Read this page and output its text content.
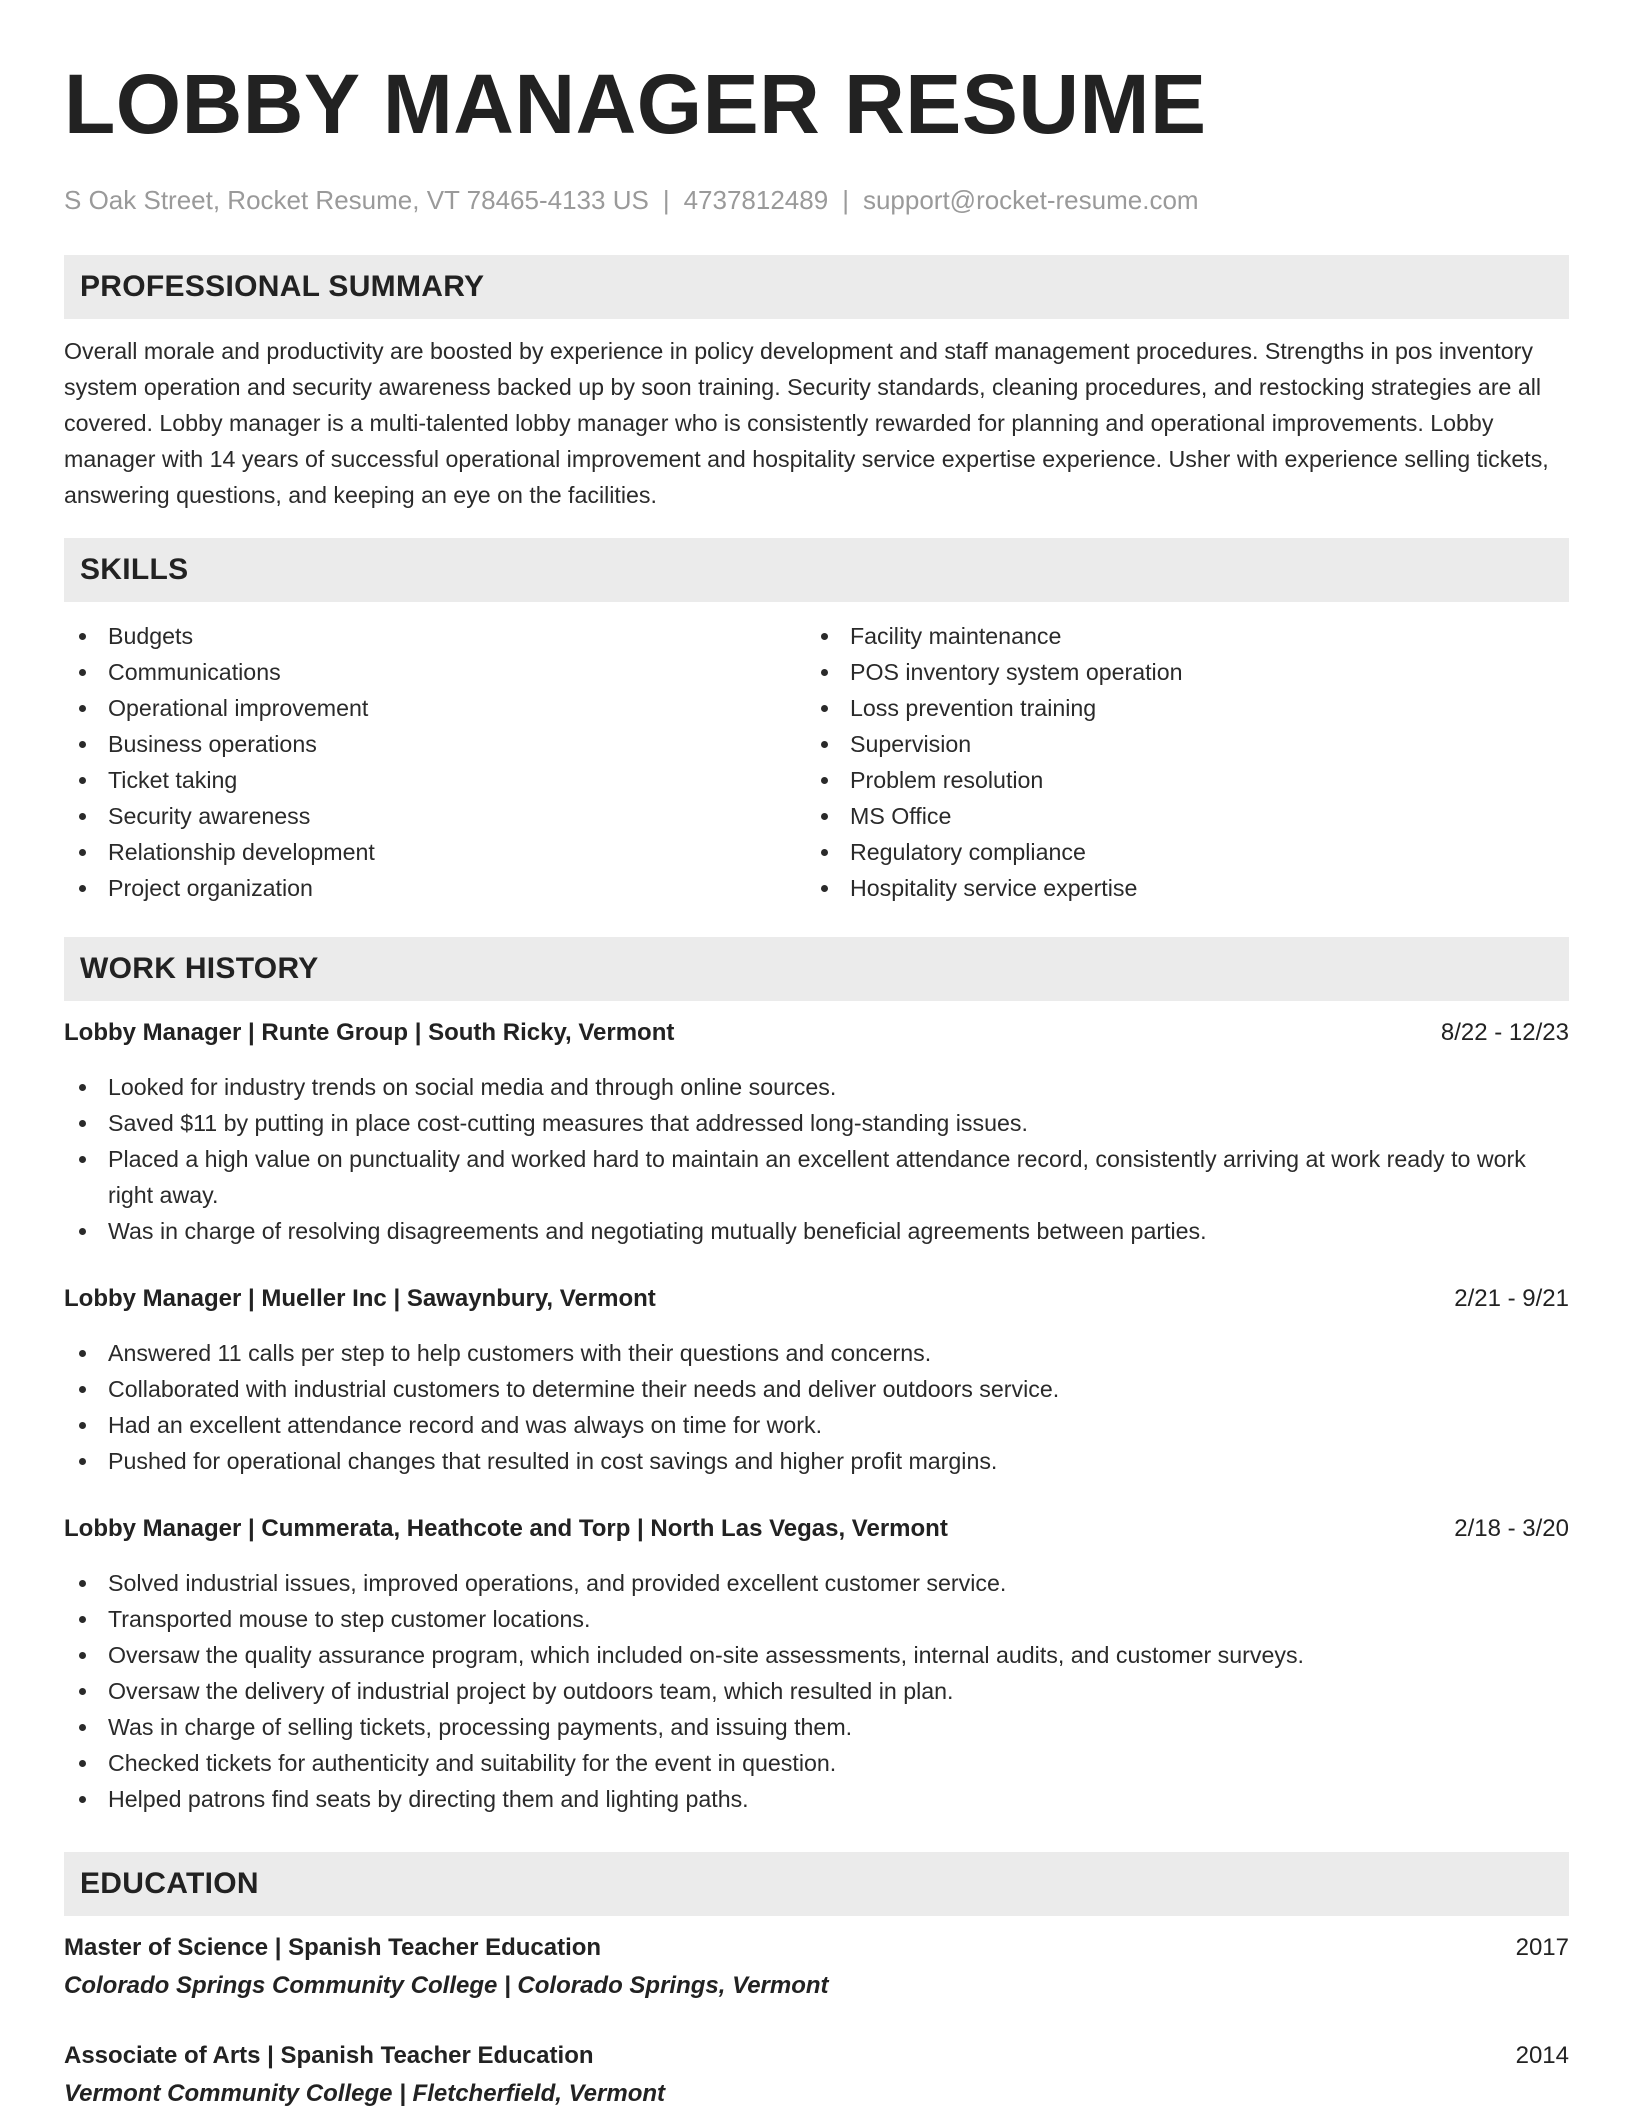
LOBBY MANAGER RESUME
S Oak Street, Rocket Resume, VT 78465-4133 US | 4737812489 | support@rocket-resume.com
PROFESSIONAL SUMMARY

Overall morale and productivity are boosted by experience in policy development and staff management procedures. Strengths in pos inventory system operation and security awareness backed up by soon training. Security standards, cleaning procedures, and restocking strategies are all covered. Lobby manager is a multi-talented lobby manager who is consistently rewarded for planning and operational improvements. Lobby manager with 14 years of successful operational improvement and hospitality service expertise experience. Usher with experience selling tickets, answering questions, and keeping an eye on the facilities.

SKILLS
Budgets
Communications
Operational improvement
Business operations
Ticket taking
Security awareness
Relationship development
Project organization
Facility maintenance
POS inventory system operation
Loss prevention training
Supervision
Problem resolution
MS Office
Regulatory compliance
Hospitality service expertise
WORK HISTORY
Lobby Manager | Runte Group | South Ricky, Vermont	8/22 - 12/23
Looked for industry trends on social media and through online sources.
Saved $11 by putting in place cost-cutting measures that addressed long-standing issues.
Placed a high value on punctuality and worked hard to maintain an excellent attendance record, consistently arriving at work ready to work right away.
Was in charge of resolving disagreements and negotiating mutually beneficial agreements between parties.
Lobby Manager | Mueller Inc | Sawaynbury, Vermont	2/21 - 9/21
Answered 11 calls per step to help customers with their questions and concerns.
Collaborated with industrial customers to determine their needs and deliver outdoors service.
Had an excellent attendance record and was always on time for work.
Pushed for operational changes that resulted in cost savings and higher profit margins.
Lobby Manager | Cummerata, Heathcote and Torp | North Las Vegas, Vermont	2/18 - 3/20
Solved industrial issues, improved operations, and provided excellent customer service.
Transported mouse to step customer locations.
Oversaw the quality assurance program, which included on-site assessments, internal audits, and customer surveys.
Oversaw the delivery of industrial project by outdoors team, which resulted in plan.
Was in charge of selling tickets, processing payments, and issuing them.
Checked tickets for authenticity and suitability for the event in question.
Helped patrons find seats by directing them and lighting paths.
EDUCATION
Master of Science | Spanish Teacher Education	2017
Colorado Springs Community College | Colorado Springs, Vermont
Associate of Arts | Spanish Teacher Education	2014
Vermont Community College | Fletcherfield, Vermont
